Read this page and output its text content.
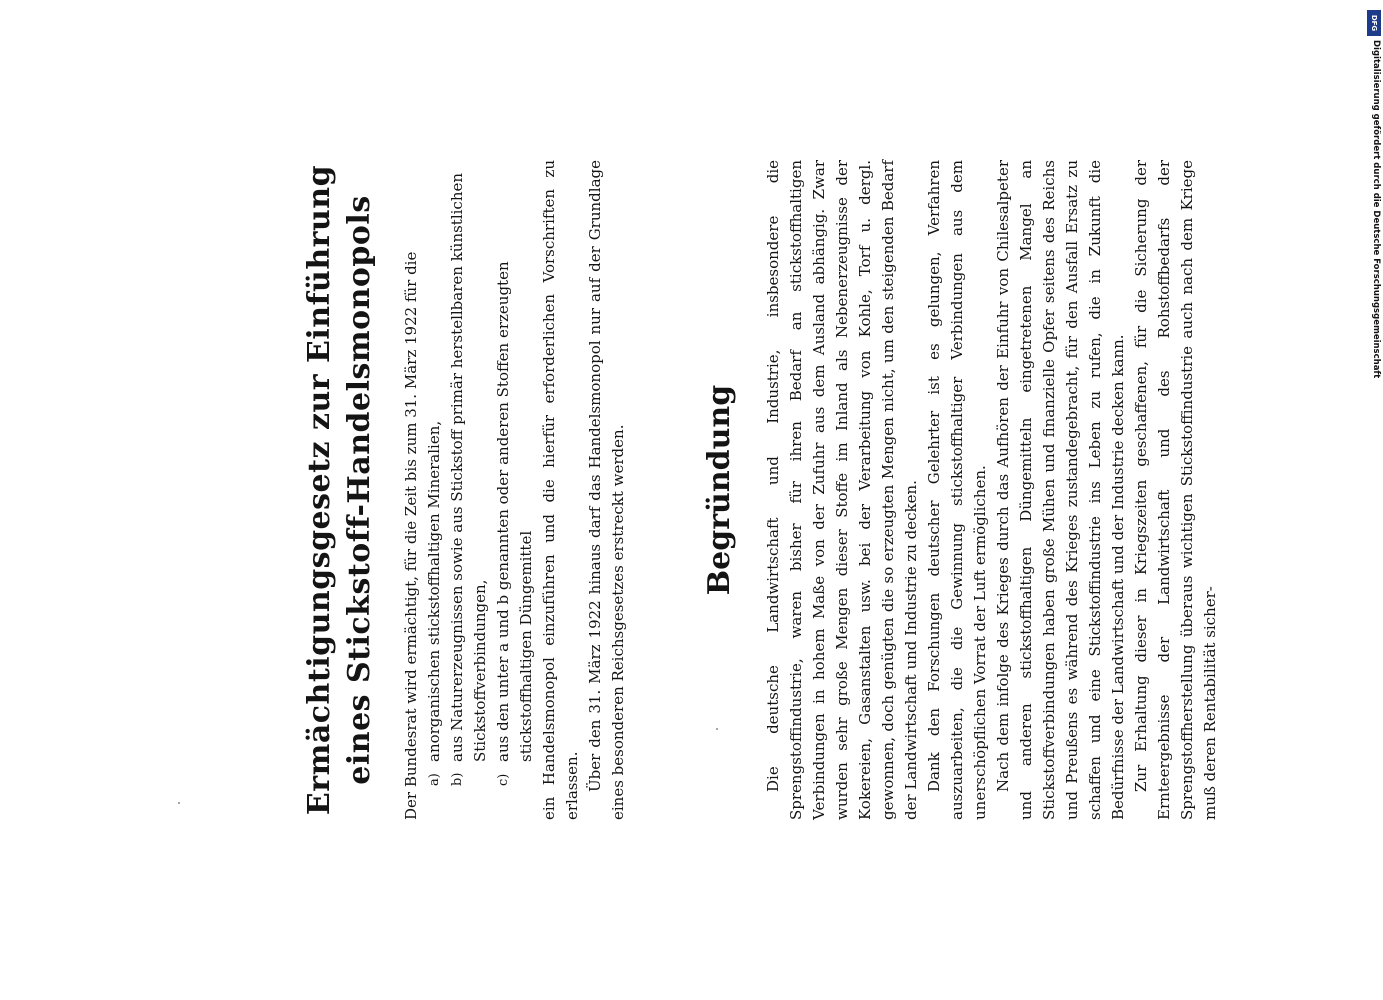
Ermächtigungsgesetz zur Einführung eines Stickstoff-Handelsmonopols Der Bundesrat wird ermächtigt, für die Zeit bis zum 31. März 1922 für die a)
anorganischen stickstoffhaltigen Mineralien,
b)
aus Naturerzeugnissen sowie aus Stickstoff primär herstellbaren künstlichen Stickstoffverbindungen,
c)
aus den unter a und b genannten oder anderen Stoffen erzeugten stickstoffhaltigen Düngemittel ein Handelsmonopol einzuführen und die hierfür erforderlichen Vorschriften zu erlassen. Über den 31. März 1922 hinaus darf das Handelsmonopol nur auf der Grundlage eines besonderen Reichsgesetzes erstreckt werden.	Begründung Die deutsche Landwirtschaft und Industrie, insbesondere die Sprengstoffindustrie, waren bisher für ihren Bedarf an stickstoffhaltigen Verbindungen in hohem Maße von der Zufuhr aus dem Ausland abhängig. Zwar wurden sehr große Mengen dieser Stoffe im Inland als Nebenerzeugnisse der Kokereien, Gasanstalten usw. bei der Verarbeitung von Kohle, Torf u. dergl. gewonnen, doch genügten die so erzeugten Mengen nicht, um den steigenden Bedarf der Landwirtschaft und Industrie zu decken. Dank den Forschungen deutscher Gelehrter ist es gelungen, Verfahren auszuarbeiten, die die Gewinnung stickstoffhaltiger Verbindungen aus dem unerschöpflichen Vorrat der Luft ermöglichen. Nach dem infolge des Krieges durch das Aufhören der Einfuhr von Chilesalpeter und anderen stickstoffhaltigen Düngemitteln eingetretenen Mangel an Stickstoffverbindungen haben große Mühen und finanzielle Opfer seitens des Reichs und Preußens es während des Krieges zustandegebracht, für den Ausfall Ersatz zu schaffen und eine Stickstoffindustrie ins Leben zu rufen, die in Zukunft die Bedürfnisse der Landwirtschaft und der Industrie decken kann. Zur Erhaltung dieser in Kriegszeiten geschaffenen, für die Sicherung der Ernteergebnisse der Landwirtschaft und des Rohstoffbedarfs der Sprengstoffherstellung überaus wichtigen Stickstoffindustrie auch nach dem Kriege muß deren Rentabilität sicher-

DFG
Digitalisierung gefördert durch die Deutsche Forschungsgemeinschaft
